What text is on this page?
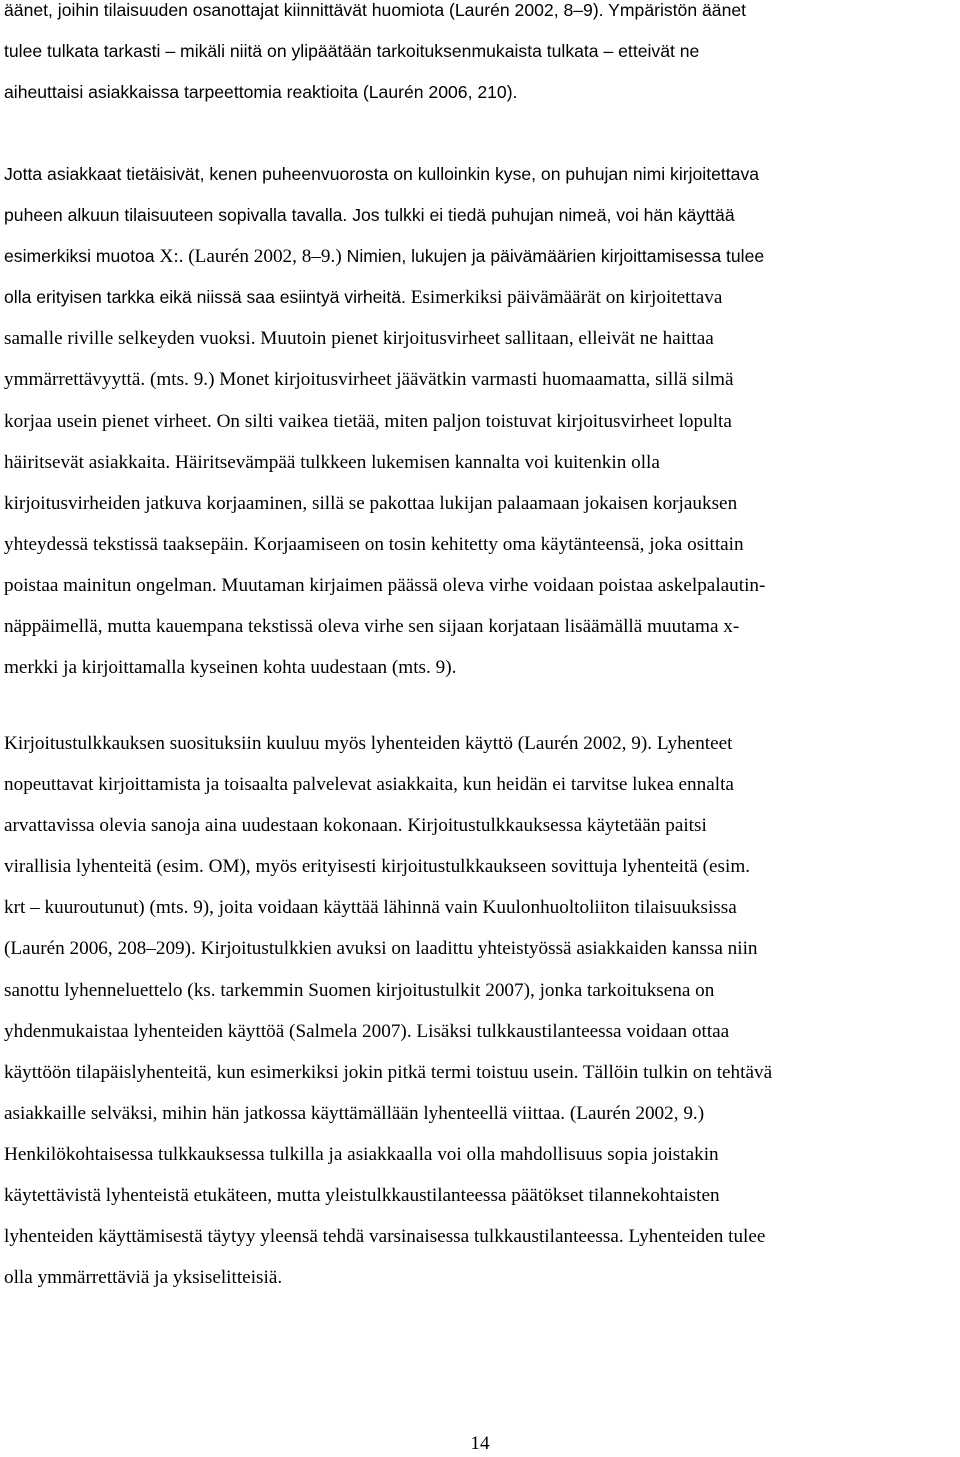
äänet, joihin tilaisuuden osanottajat kiinnittävät huomiota (Laurén 2002, 8–9). Ympäristön äänet
tulee tulkata tarkasti – mikäli niitä on ylipäätään tarkoituksenmukaista tulkata – etteivät ne
aiheuttaisi asiakkaissa tarpeettomia reaktioita (Laurén 2006, 210).
Jotta asiakkaat tietäisivät, kenen puheenvuorosta on kulloinkin kyse, on puhujan nimi kirjoitettava
puheen alkuun tilaisuuteen sopivalla tavalla. Jos tulkki ei tiedä puhujan nimeä, voi hän käyttää
esimerkiksi muotoa X:. (Laurén 2002, 8–9.) Nimien, lukujen ja päivämäärien kirjoittamisessa tulee
olla erityisen tarkka eikä niissä saa esiintyä virheitä. Esimerkiksi päivämäärät on kirjoitettava
samalle riville selkeyden vuoksi. Muutoin pienet kirjoitusvirheet sallitaan, elleivät ne haittaa
ymmärrettävyyttä. (mts. 9.) Monet kirjoitusvirheet jäävätkin varmasti huomaamatta, sillä silmä
korjaa usein pienet virheet. On silti vaikea tietää, miten paljon toistuvat kirjoitusvirheet lopulta
häiritsevät asiakkaita. Häiritsevämpää tulkkeen lukemisen kannalta voi kuitenkin olla
kirjoitusvirheiden jatkuva korjaaminen, sillä se pakottaa lukijan palaamaan jokaisen korjauksen
yhteydessä tekstissä taaksepäin. Korjaamiseen on tosin kehitetty oma käytänteensä, joka osittain
poistaa mainitun ongelman. Muutaman kirjaimen päässä oleva virhe voidaan poistaa askelpalautin-
näppäimellä, mutta kauempana tekstissä oleva virhe sen sijaan korjataan lisäämällä muutama x-
merkki ja kirjoittamalla kyseinen kohta uudestaan (mts. 9).
Kirjoitustulkkauksen suosituksiin kuuluu myös lyhenteiden käyttö (Laurén 2002, 9). Lyhenteet
nopeuttavat kirjoittamista ja toisaalta palvelevat asiakkaita, kun heidän ei tarvitse lukea ennalta
arvattavissa olevia sanoja aina uudestaan kokonaan. Kirjoitustulkkauksessa käytetään paitsi
virallisia lyhenteitä (esim. OM), myös erityisesti kirjoitustulkkaukseen sovittuja lyhenteitä (esim.
krt – kuuroutunut) (mts. 9), joita voidaan käyttää lähinnä vain Kuulonhuoltoliiton tilaisuuksissa
(Laurén 2006, 208–209). Kirjoitustulkkien avuksi on laadittu yhteistyössä asiakkaiden kanssa niin
sanottu lyhenneluettelo (ks. tarkemmin Suomen kirjoitustulkit 2007), jonka tarkoituksena on
yhdenmukaistaa lyhenteiden käyttöä (Salmela 2007). Lisäksi tulkkaustilanteessa voidaan ottaa
käyttöön tilapäislyhenteitä, kun esimerkiksi jokin pitkä termi toistuu usein. Tällöin tulkin on tehtävä
asiakkaille selväksi, mihin hän jatkossa käyttämällään lyhenteellä viittaa. (Laurén 2002, 9.)
Henkilökohtaisessa tulkkauksessa tulkilla ja asiakkaalla voi olla mahdollisuus sopia joistakin
käytettävistä lyhenteistä etukäteen, mutta yleistulkkaustilanteessa päätökset tilannekohtaisten
lyhenteiden käyttämisestä täytyy yleensä tehdä varsinaisessa tulkkaustilanteessa. Lyhenteiden tulee
olla ymmärrettäviä ja yksiselitteisiä.
14
